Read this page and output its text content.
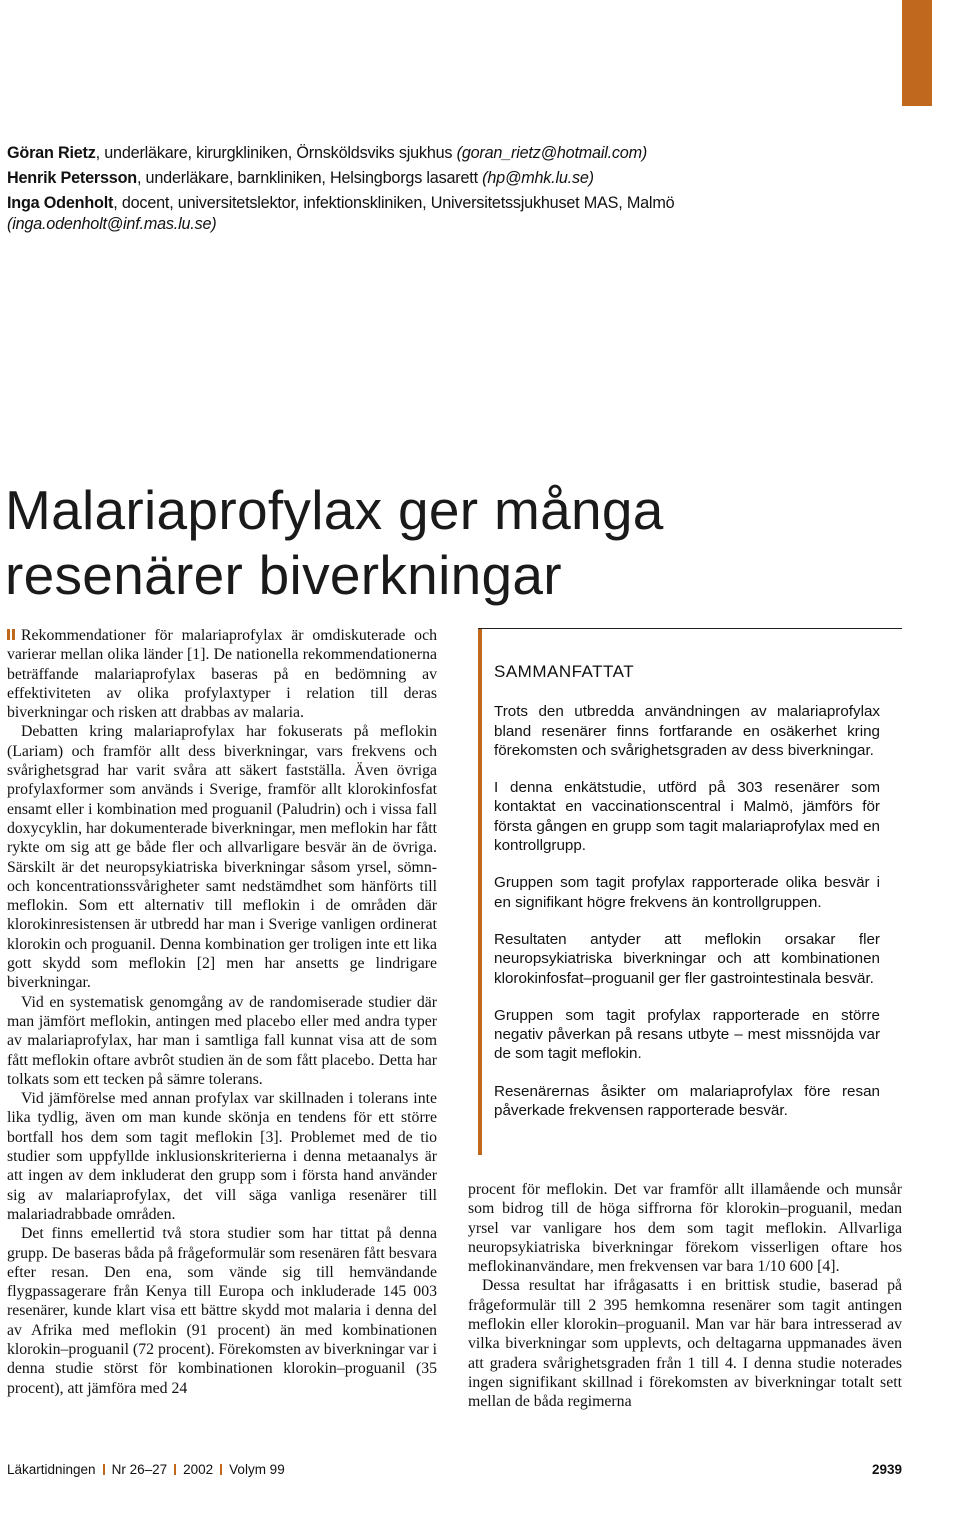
Göran Rietz, underläkare, kirurgkliniken, Örnsköldsviks sjukhus (goran_rietz@hotmail.com)

Henrik Petersson, underläkare, barnkliniken, Helsingborgs lasarett (hp@mhk.lu.se)

Inga Odenholt, docent, universitetslektor, infektionskliniken, Universitetssjukhuset MAS, Malmö (inga.odenholt@inf.mas.lu.se)

Malariaprofylax ger många
resenärer biverkningar

Rekommendationer för malariaprofylax är omdiskuterade och varierar mellan olika länder [1]. De nationella rekommendationerna beträffande malariaprofylax baseras på en bedömning av effektiviteten av olika profylaxtyper i relation till deras biverkningar och risken att drabbas av malaria.

Debatten kring malariaprofylax har fokuserats på meflokin (Lariam) och framför allt dess biverkningar, vars frekvens och svårighetsgrad har varit svåra att säkert fastställa. Även övriga profylaxformer som används i Sverige, framför allt klorokinfosfat ensamt eller i kombination med proguanil (Paludrin) och i vissa fall doxycyklin, har dokumenterade biverkningar, men meflokin har fått rykte om sig att ge både fler och allvarligare besvär än de övriga. Särskilt är det neuropsykiatriska biverkningar såsom yrsel, sömn- och koncentrationssvårigheter samt nedstämdhet som hänförts till meflokin. Som ett alternativ till meflokin i de områden där klorokinresistensen är utbredd har man i Sverige vanligen ordinerat klorokin och proguanil. Denna kombination ger troligen inte ett lika gott skydd som meflokin [2] men har ansetts ge lindrigare biverkningar.

Vid en systematisk genomgång av de randomiserade studier där man jämfört meflokin, antingen med placebo eller med andra typer av malariaprofylax, har man i samtliga fall kunnat visa att de som fått meflokin oftare avbrôt studien än de som fått placebo. Detta har tolkats som ett tecken på sämre tolerans.

Vid jämförelse med annan profylax var skillnaden i tolerans inte lika tydlig, även om man kunde skönja en tendens för ett större bortfall hos dem som tagit meflokin [3]. Problemet med de tio studier som uppfyllde inklusionskriterierna i denna metaanalys är att ingen av dem inkluderat den grupp som i första hand använder sig av malariaprofylax, det vill säga vanliga resenärer till malariadrabbade områden.

Det finns emellertid två stora studier som har tittat på denna grupp. De baseras båda på frågeformulär som resenären fått besvara efter resan. Den ena, som vände sig till hemvändande flygpassagerare från Kenya till Europa och inkluderade 145 003 resenärer, kunde klart visa ett bättre skydd mot malaria i denna del av Afrika med meflokin (91 procent) än med kombinationen klorokin–proguanil (72 procent). Förekomsten av biverkningar var i denna studie störst för kombinationen klorokin–proguanil (35 procent), att jämföra med 24

SAMMANFATTAT

Trots den utbredda användningen av malariaprofylax bland resenärer finns fortfarande en osäkerhet kring förekomsten och svårighetsgraden av dess biverkningar.

I denna enkätstudie, utförd på 303 resenärer som kontaktat en vaccinationscentral i Malmö, jämförs för första gången en grupp som tagit malariaprofylax med en kontrollgrupp.

Gruppen som tagit profylax rapporterade olika besvär i en signifikant högre frekvens än kontrollgruppen.

Resultaten antyder att meflokin orsakar fler neuropsykiatriska biverkningar och att kombinationen klorokinfosfat–proguanil ger fler gastrointestinala besvär.

Gruppen som tagit profylax rapporterade en större negativ påverkan på resans utbyte – mest missnöjda var de som tagit meflokin.

Resenärernas åsikter om malariaprofylax före resan påverkade frekvensen rapporterade besvär.

procent för meflokin. Det var framför allt illamående och munsår som bidrog till de höga siffrorna för klorokin–proguanil, medan yrsel var vanligare hos dem som tagit meflokin. Allvarliga neuropsykiatriska biverkningar förekom visserligen oftare hos meflokinanvändare, men frekvensen var bara 1/10 600 [4].

Dessa resultat har ifrågasatts i en brittisk studie, baserad på frågeformulär till 2 395 hemkomna resenärer som tagit antingen meflokin eller klorokin–proguanil. Man var här bara intresserad av vilka biverkningar som upplevts, och deltagarna uppmanades även att gradera svårighetsgraden från 1 till 4. I denna studie noterades ingen signifikant skillnad i förekomsten av biverkningar totalt sett mellan de båda regimerna

Läkartidningen Nr 26–27 2002 Volym 99	2939
